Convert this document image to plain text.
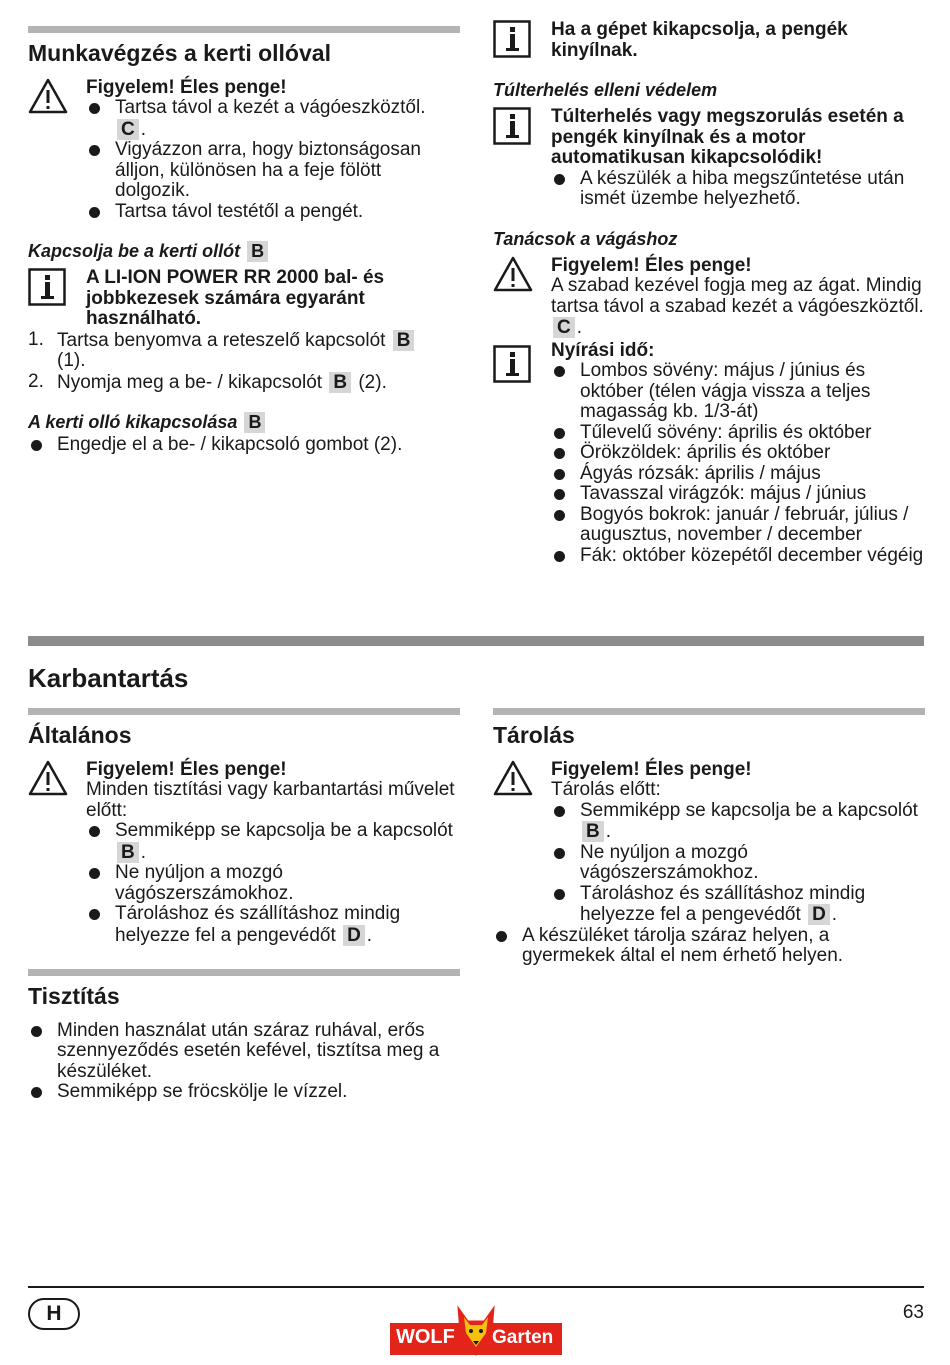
Munkavégzés a kerti ollóval
Figyelem! Éles penge!
Tartsa távol a kezét a vágóeszköztől.
C .
Vigyázzon arra, hogy biztonságosan álljon, különösen ha a feje fölött dolgozik.
Tartsa távol testétől a pengét.
Kapcsolja be a kerti ollót B
A LI-ION POWER RR 2000 bal- és jobbkezesek számára egyaránt használható.
1. Tartsa benyomva a reteszelő kapcsolót B
(1).
2. Nyomja meg a be- / kikapcsolót B (2).
A kerti olló kikapcsolása B
Engedje el a be- / kikapcsoló gombot (2).
Ha a gépet kikapcsolja, a pengék kinyílnak.
Túlterhelés elleni védelem
Túlterhelés vagy megszorulás esetén a pengék kinyílnak és a motor automatikusan kikapcsolódik!
A készülék a hiba megszűntetése után ismét üzembe helyezhető.
Tanácsok a vágáshoz
Figyelem! Éles penge!
A szabad kezével fogja meg az ágat. Mindig tartsa távol a szabad kezét a vágóeszköztől. C .
Nyírási idő:
Lombos sövény: május / június és október (télen vágja vissza a teljes magasság kb. 1/3-át)
Tűlevelű sövény: április és október
Örökzöldek: április és október
Ágyás rózsák: április / május
Tavasszal virágzók: május / június
Bogyós bokrok: január / február, július / augusztus, november / december
Fák: október közepétől december végéig
Karbantartás
Általános
Figyelem! Éles penge!
Minden tisztítási vagy karbantartási művelet előtt:
Semmiképp se kapcsolja be a kapcsolót B .
Ne nyúljon a mozgó vágószerszámokhoz.
Tároláshoz és szállításhoz mindig helyezze fel a pengevédőt D .
Tisztítás
Minden használat után száraz ruhával, erős szennyeződés esetén kefével, tisztítsa meg a készüléket.
Semmiképp se fröcskölje le vízzel.
Tárolás
Figyelem! Éles penge!
Tárolás előtt:
Semmiképp se kapcsolja be a kapcsolót B .
Ne nyúljon a mozgó vágószerszámokhoz.
Tároláshoz és szállításhoz mindig helyezze fel a pengevédőt D .
A készüléket tárolja száraz helyen, a gyermekek által el nem érhető helyen.
H	63
WOLF Garten
